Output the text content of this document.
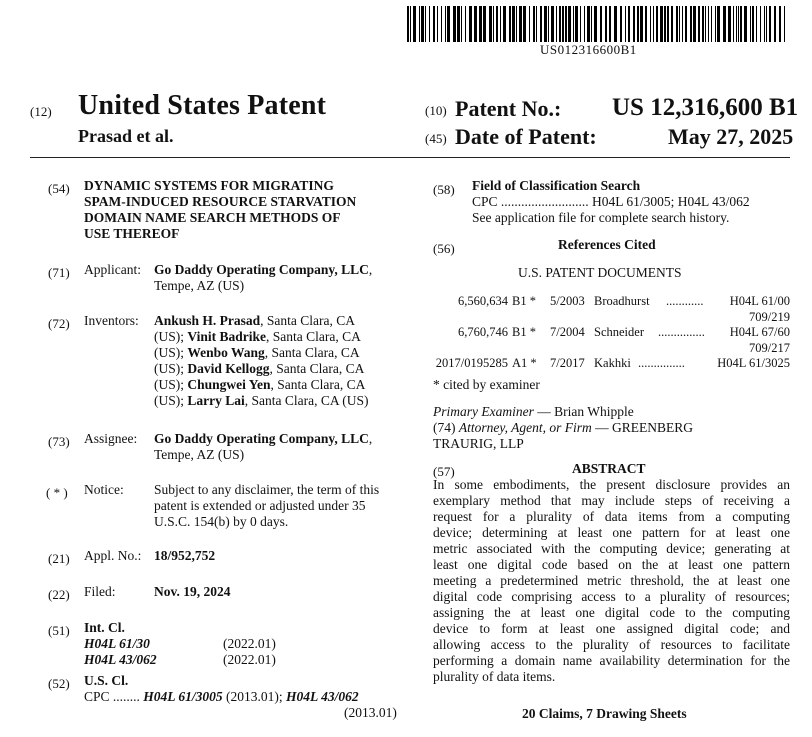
US012316600B1
(12) United States Patent
Prasad et al.
(10) Patent No.: US 12,316,600 B1
(45) Date of Patent:	May 27, 2025
(54) DYNAMIC SYSTEMS FOR MIGRATING
SPAM-INDUCED RESOURCE STARVATION
DOMAIN NAME SEARCH METHODS OF
USE THEREOF
(71) Applicant: Go Daddy Operating Company, LLC,
Tempe, AZ (US)
(72) Inventors: Ankush H. Prasad, Santa Clara, CA
(US); Vinit Badrike, Santa Clara, CA
(US); Wenbo Wang, Santa Clara, CA
(US); David Kellogg, Santa Clara, CA
(US); Chungwei Yen, Santa Clara, CA
(US); Larry Lai, Santa Clara, CA (US)
(73) Assignee: Go Daddy Operating Company, LLC,
Tempe, AZ (US)
( * ) Notice: Subject to any disclaimer, the term of this
patent is extended or adjusted under 35
U.S.C. 154(b) by 0 days.
(21) Appl. No.: 18/952,752
(22) Filed:	Nov. 19, 2024
(51) Int. Cl.
H04L 61/30	(2022.01)
H04L 43/062	(2022.01)
(52) U.S. Cl.
CPC ........ H04L 61/3005 (2013.01); H04L 43/062
(2013.01)
(58) Field of Classification Search
CPC .......................... H04L 61/3005; H04L 43/062
See application file for complete search history.
(56)	References Cited
U.S. PATENT DOCUMENTS
6,560,634 B1 * 5/2003 Broadhurst ............ H04L 61/00
709/219
6,760,746 B1 * 7/2004 Schneider ............... H04L 67/60
709/217
2017/0195285 A1 * 7/2017 Kakhki ...............	H04L 61/3025
* cited by examiner
Primary Examiner — Brian Whipple
(74) Attorney, Agent, or Firm — GREENBERG
TRAURIG, LLP
(57)	ABSTRACT
In some embodiments, the present disclosure provides an
exemplary method that may include steps of receiving a
request for a plurality of data items from a computing
device; determining at least one pattern for at least one
metric associated with the computing device; generating at
least one digital code based on the at least one pattern
meeting a predetermined metric threshold, the at least one
digital code comprising access to a plurality of resources;
assigning the at least one digital code to the computing
device to form at least one assigned digital code; and
allowing access to the plurality of resources to facilitate
performing a domain name availability determination for the
plurality of data items.
20 Claims, 7 Drawing Sheets
